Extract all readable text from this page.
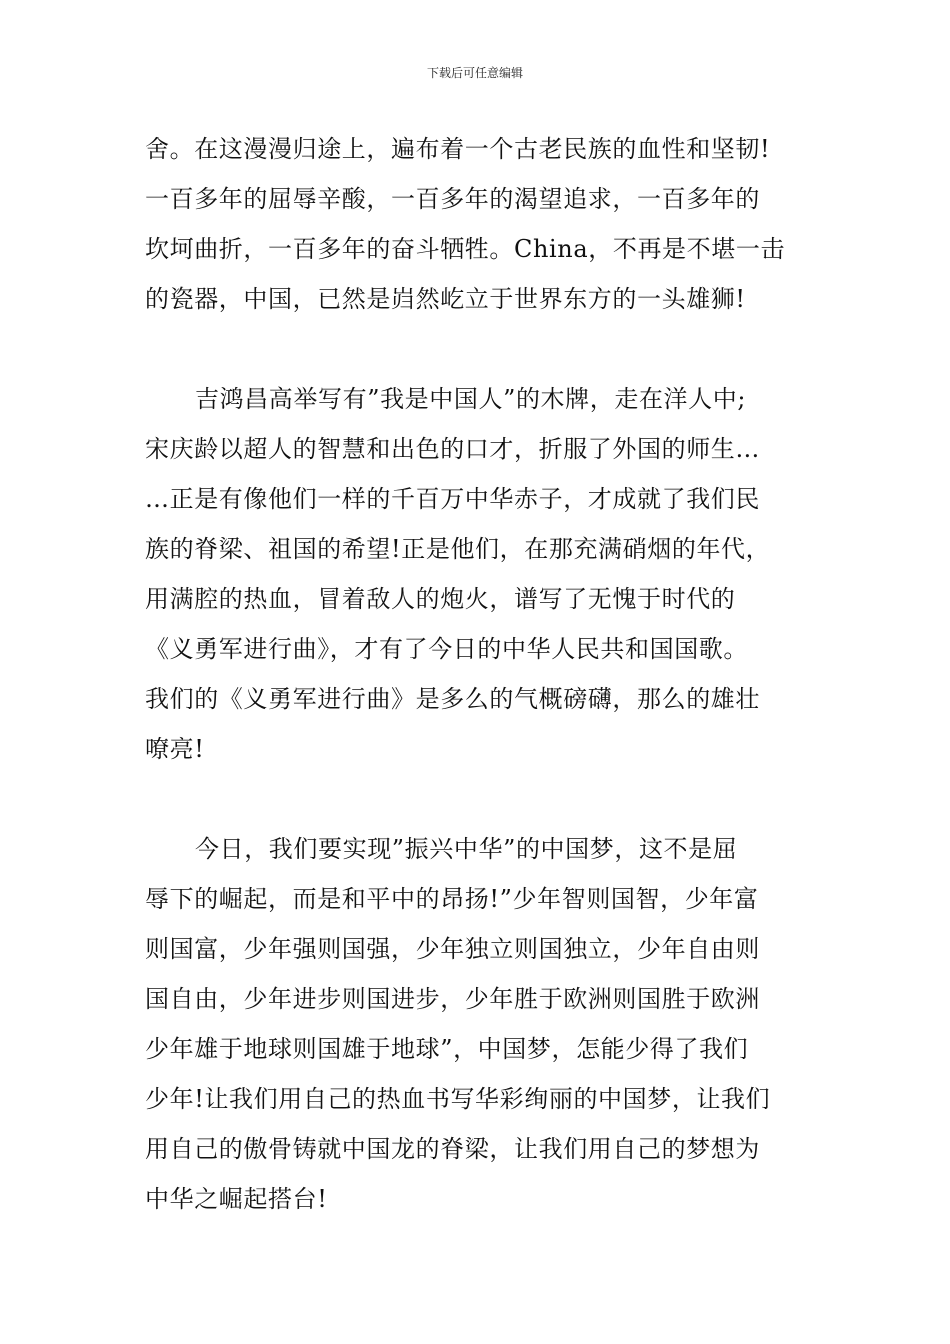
下载后可任意编辑
舍。在这漫漫归途上，遍布着一个古老民族的血性和坚韧!
一百多年的屈辱辛酸，一百多年的渴望追求，一百多年的
坎坷曲折，一百多年的奋斗牺牲。China，不再是不堪一击
的瓷器，中国，已然是岿然屹立于世界东方的一头雄狮!
吉鸿昌高举写有”我是中国人”的木牌，走在洋人中;
宋庆龄以超人的智慧和出色的口才，折服了外国的师生…
…正是有像他们一样的千百万中华赤子，才成就了我们民
族的脊梁、祖国的希望!正是他们，在那充满硝烟的年代，
用满腔的热血，冒着敌人的炮火，谱写了无愧于时代的
《义勇军进行曲》，才有了今日的中华人民共和国国歌。
我们的《义勇军进行曲》是多么的气概磅礴，那么的雄壮
嘹亮!
今日，我们要实现”振兴中华”的中国梦，这不是屈
辱下的崛起，而是和平中的昂扬!”少年智则国智，少年富
则国富，少年强则国强，少年独立则国独立，少年自由则
国自由，少年进步则国进步，少年胜于欧洲则国胜于欧洲
少年雄于地球则国雄于地球”，中国梦，怎能少得了我们
少年!让我们用自己的热血书写华彩绚丽的中国梦，让我们
用自己的傲骨铸就中国龙的脊梁，让我们用自己的梦想为
中华之崛起搭台!
